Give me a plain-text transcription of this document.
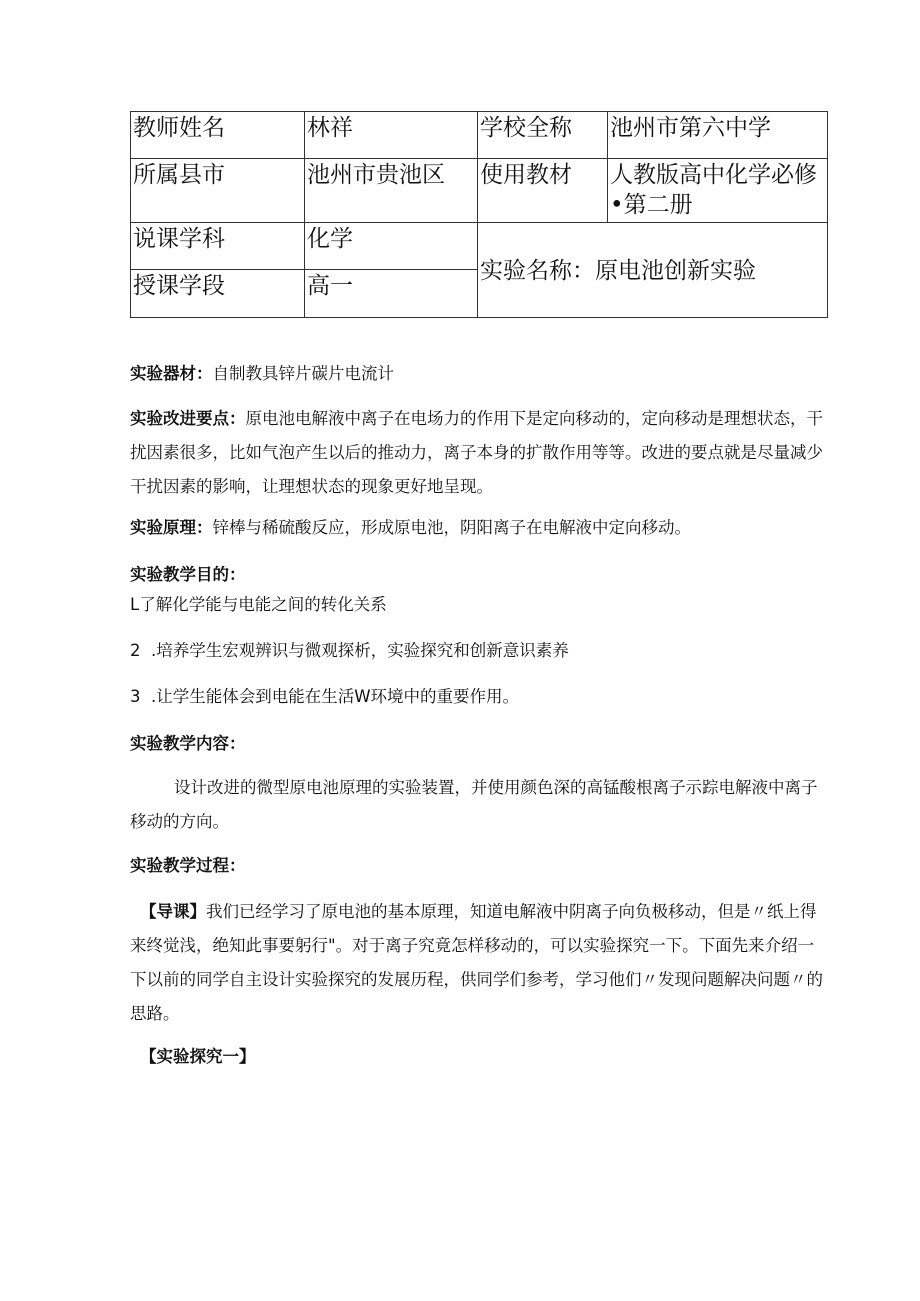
教师姓名	林祥	学校全称	池州市第六中学
所属县市	池州市贵池区	使用教材	人教版高中化学必修•第二册
说课学科	化学	实验名称：原电池创新实验	
授课学段	高一		

实验器材：自制教具锌片碳片电流计

实验改进要点：原电池电解液中离子在电场力的作用下是定向移动的，定向移动是理想状态，干扰因素很多，比如气泡产生以后的推动力，离子本身的扩散作用等等。改进的要点就是尽量减少干扰因素的影响，让理想状态的现象更好地呈现。

实验原理：锌棒与稀硫酸反应，形成原电池，阴阳离子在电解液中定向移动。

实验教学目的：

L了解化学能与电能之间的转化关系

2  .培养学生宏观辨识与微观探析，实验探究和创新意识素养

3  .让学生能体会到电能在生活W环境中的重要作用。

实验教学内容：

设计改进的微型原电池原理的实验装置，并使用颜色深的高锰酸根离子示踪电解液中离子移动的方向。

实验教学过程：

【导课】我们已经学习了原电池的基本原理，知道电解液中阴离子向负极移动，但是〃纸上得来终觉浅，绝知此事要躬行"。对于离子究竟怎样移动的，可以实验探究一下。下面先来介绍一下以前的同学自主设计实验探究的发展历程，供同学们参考，学习他们〃发现问题解决问题〃的思路。

【实验探究一】
